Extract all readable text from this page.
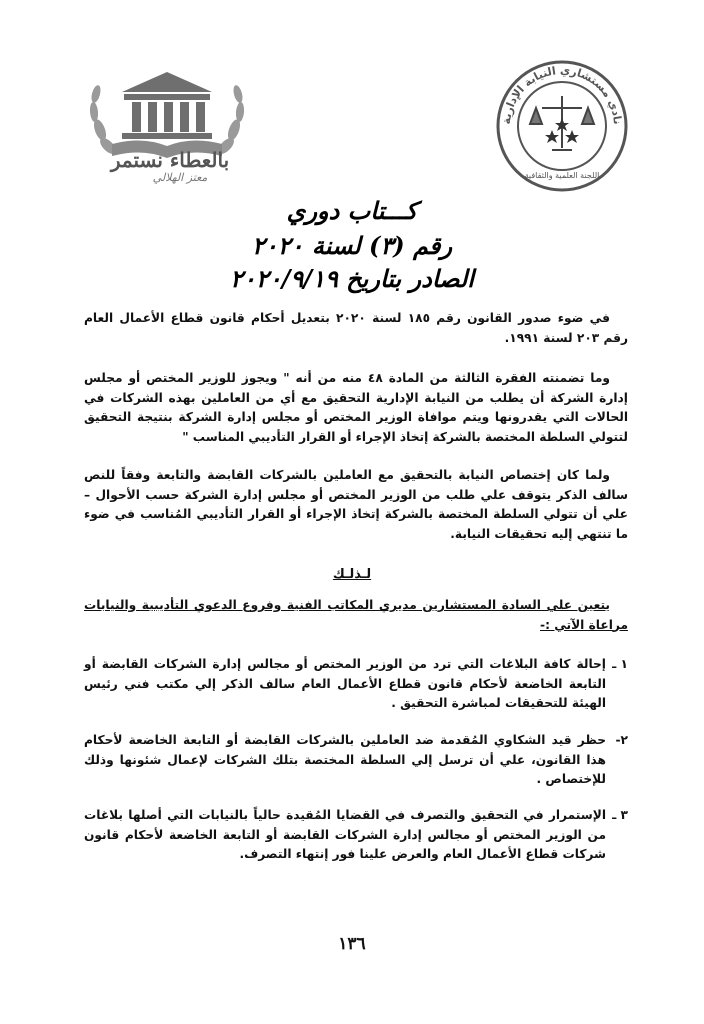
بالعطاء نستمر
معتز الهلالي
نادي مستشاري النيابة الإدارية
اللجنة العلمية والثقافية
كـــتاب دوري
رقم (٣) لسنة ٢٠٢٠
الصادر بتاريخ ٢٠٢٠/٩/١٩

في ضوء صدور القانون رقم ١٨٥ لسنة ٢٠٢٠ بتعديل أحكام قانون قطاع الأعمال العام رقم ٢٠٣ لسنة ١٩٩١.

وما تضمنته الفقرة الثالثة من المادة ٤٨ منه من أنه " ويجوز للوزير المختص أو مجلس إدارة الشركة أن يطلب من النيابة الإدارية التحقيق مع أي من العاملين بهذه الشركات في الحالات التي يقدرونها ويتم موافاة الوزير المختص أو مجلس إدارة الشركة بنتيجة التحقيق لتتولي السلطة المختصة بالشركة إتخاذ الإجراء أو القرار التأديبي المناسب "

ولما كان إختصاص النيابة بالتحقيق مع العاملين بالشركات القابضة والتابعة وفقاً للنص سالف الذكر يتوقف علي طلب من الوزير المختص أو مجلس إدارة الشركة حسب الأحوال – علي أن تتولي السلطة المختصة بالشركة إتخاذ الإجراء أو القرار التأديبي المُناسب في ضوء ما تنتهي إليه تحقيقات النيابة.

لـذلـك

يتعين علي السادة المستشارين مديري المكاتب الفنية وفروع الدعوي التأديبية والنيابات مراعاة الآتي :-

١ ـ
إحالة كافة البلاغات التي ترد من الوزير المختص أو مجالس إدارة الشركات القابضة أو التابعة الخاضعة لأحكام قانون قطاع الأعمال العام سالف الذكر إلي مكتب فني رئيس الهيئة للتحقيقات لمباشرة التحقيق .
٢-
حظر قيد الشكاوي المُقدمة ضد العاملين بالشركات القابضة أو التابعة الخاضعة لأحكام هذا القانون، علي أن ترسل إلي السلطة المختصة بتلك الشركات لإعمال شئونها وذلك للإختصاص .
٣ ـ
الإستمرار في التحقيق والتصرف في القضايا المُقيدة حالياً بالنيابات التي أصلها بلاغات من الوزير المختص أو مجالس إدارة الشركات القابضة أو التابعة الخاضعة لأحكام قانون شركات قطاع الأعمال العام والعرض علينا فور إنتهاء التصرف.
١٣٦
